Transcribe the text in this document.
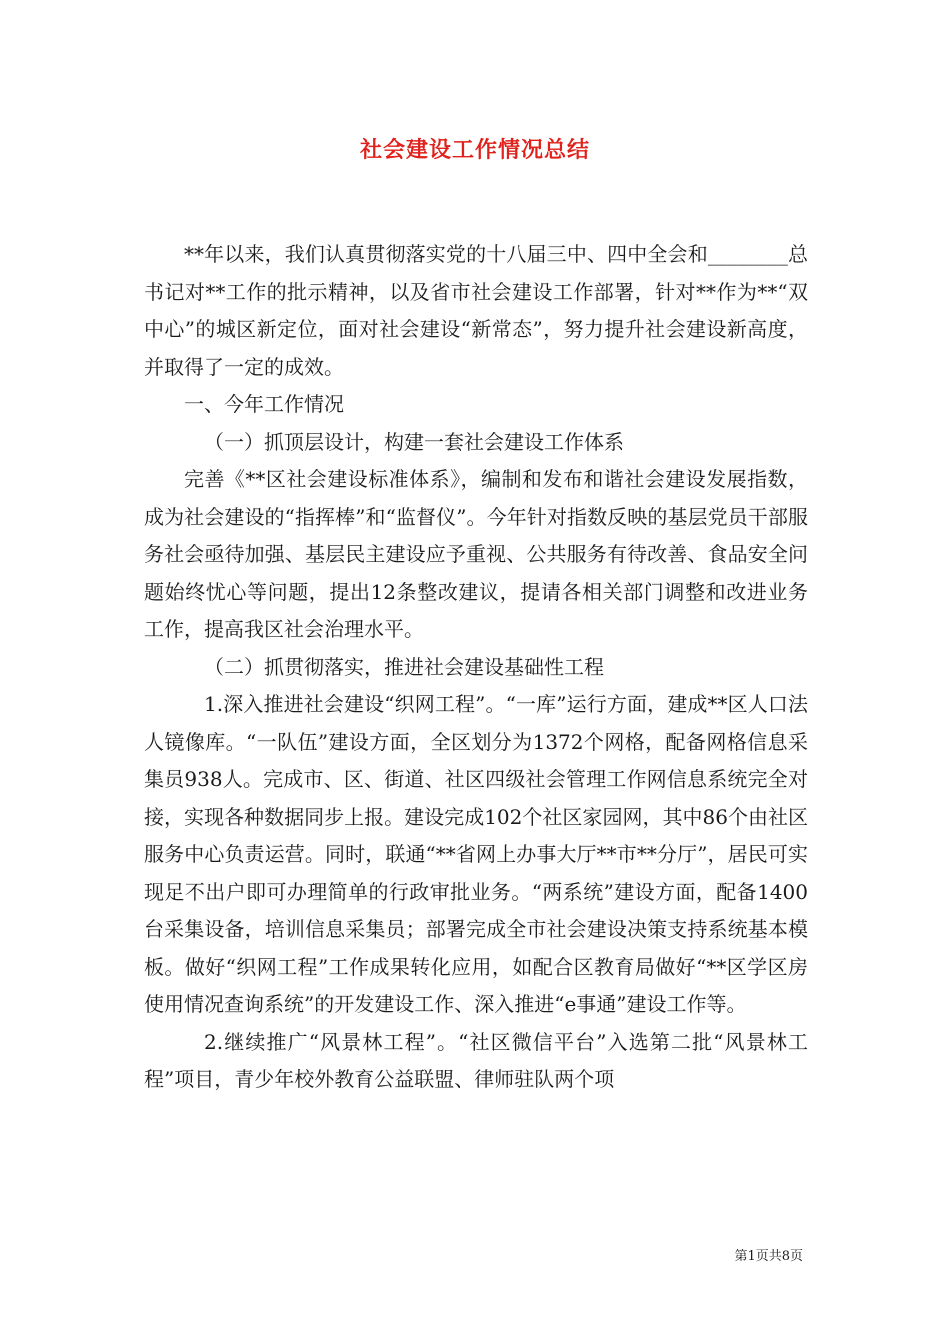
社会建设工作情况总结

**年以来，我们认真贯彻落实党的十八届三中、四中全会和________总书记对**工作的批示精神，以及省市社会建设工作部署，针对**作为**“双中心”的城区新定位，面对社会建设“新常态”，努力提升社会建设新高度，并取得了一定的成效。

一、今年工作情况

（一）抓顶层设计，构建一套社会建设工作体系

完善《**区社会建设标准体系》，编制和发布和谐社会建设发展指数，成为社会建设的“指挥棒”和“监督仪”。今年针对指数反映的基层党员干部服务社会亟待加强、基层民主建设应予重视、公共服务有待改善、食品安全问题始终忧心等问题，提出12条整改建议，提请各相关部门调整和改进业务工作，提高我区社会治理水平。

（二）抓贯彻落实，推进社会建设基础性工程

1.深入推进社会建设“织网工程”。“一库”运行方面，建成**区人口法人镜像库。“一队伍”建设方面，全区划分为1372个网格，配备网格信息采集员938人。完成市、区、街道、社区四级社会管理工作网信息系统完全对接，实现各种数据同步上报。建设完成102个社区家园网，其中86个由社区服务中心负责运营。同时，联通“**省网上办事大厅**市**分厅”，居民可实现足不出户即可办理简单的行政审批业务。“两系统”建设方面，配备1400台采集设备，培训信息采集员；部署完成全市社会建设决策支持系统基本模板。做好“织网工程”工作成果转化应用，如配合区教育局做好“**区学区房使用情况查询系统”的开发建设工作、深入推进“e事通”建设工作等。

2.继续推广“风景林工程”。“社区微信平台”入选第二批“风景林工程”项目，青少年校外教育公益联盟、律师驻队两个项

第1页共8页
